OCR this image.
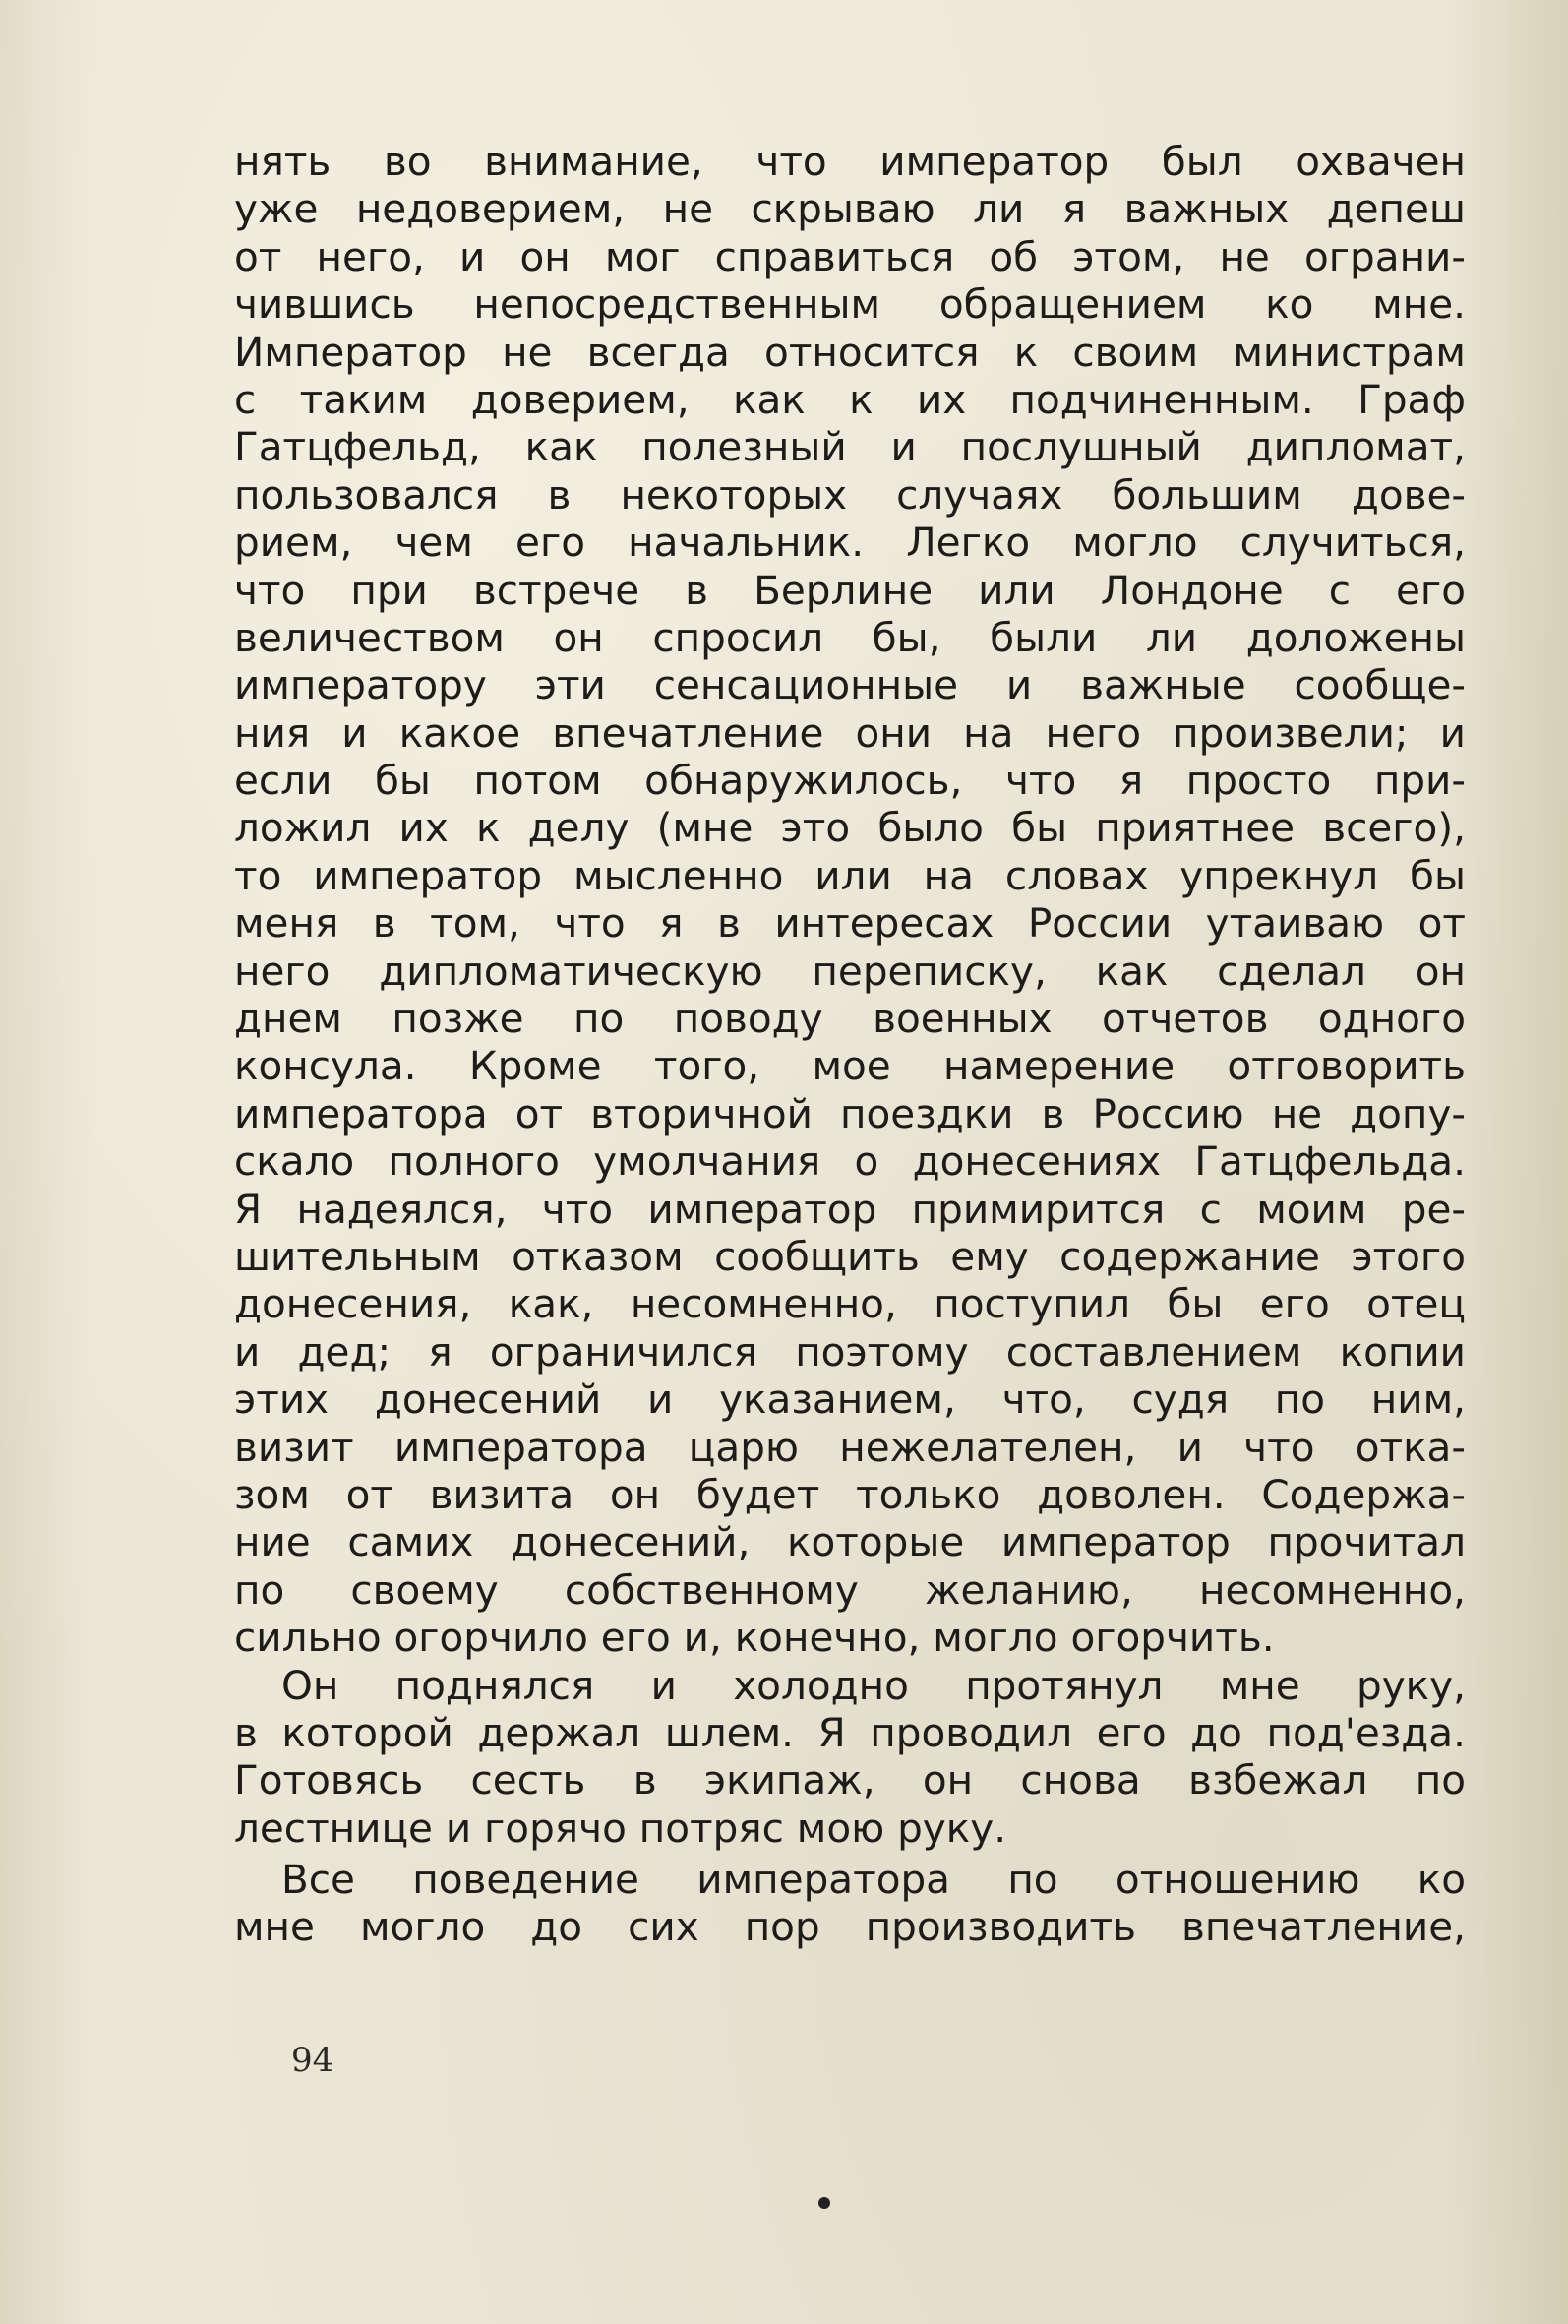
нять во внимание, что император был охвачен
уже недоверием, не скрываю ли я важных депеш
от него, и он мог справиться об этом, не ограни-
чившись непосредственным обращением ко мне.
Император не всегда относится к своим министрам
с таким доверием, как к их подчиненным. Граф
Гатцфельд, как полезный и послушный дипломат,
пользовался в некоторых случаях большим дове-
рием, чем его начальник. Легко могло случиться,
что при встрече в Берлине или Лондоне с его
величеством он спросил бы, были ли доложены
императору эти сенсационные и важные сообще-
ния и какое впечатление они на него произвели; и
если бы потом обнаружилось, что я просто при-
ложил их к делу (мне это было бы приятнее всего),
то император мысленно или на словах упрекнул бы
меня в том, что я в интересах России утаиваю от
него дипломатическую переписку, как сделал он
днем позже по поводу военных отчетов одного
консула. Кроме того, мое намерение отговорить
императора от вторичной поездки в Россию не допу-
скало полного умолчания о донесениях Гатцфельда.
Я надеялся, что император примирится с моим ре-
шительным отказом сообщить ему содержание этого
донесения, как, несомненно, поступил бы его отец
и дед; я ограничился поэтому составлением копии
этих донесений и указанием, что, судя по ним,
визит императора царю нежелателен, и что отка-
зом от визита он будет только доволен. Содержа-
ние самих донесений, которые император прочитал
по своему собственному желанию, несомненно,
сильно огорчило его и, конечно, могло огорчить.
Он поднялся и холодно протянул мне руку,
в которой держал шлем. Я проводил его до под'езда.
Готовясь сесть в экипаж, он снова взбежал по
лестнице и горячо потряс мою руку.
Все поведение императора по отношению ко
мне могло до сих пор производить впечатление,
94
